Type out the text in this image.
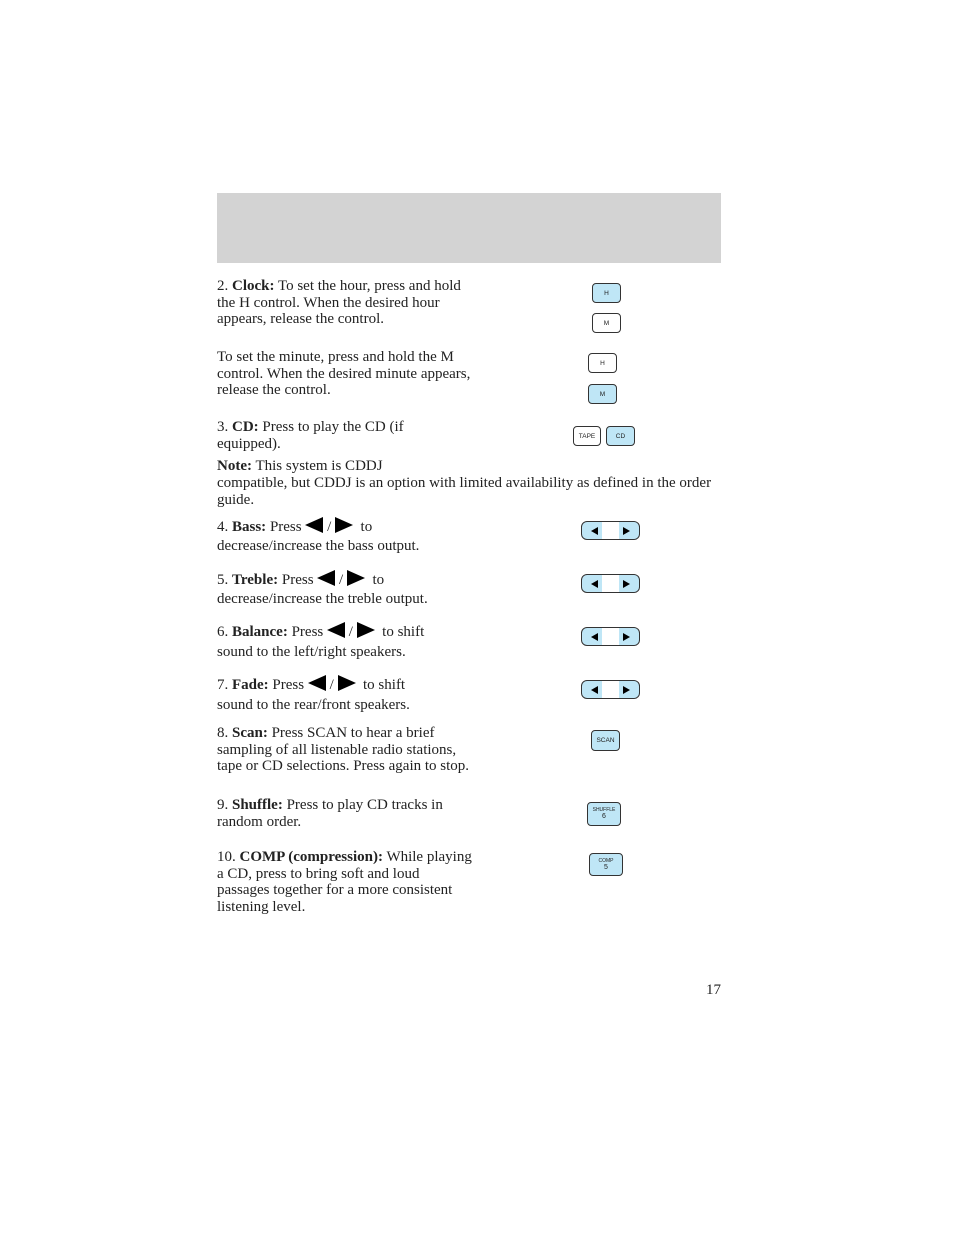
2. Clock: To set the hour, press and hold the H control. When the desired hour appears, release the control.

To set the minute, press and hold the M control. When the desired minute appears, release the control.

3. CD: Press to play the CD (if equipped).

Note: This system is CDDJ

compatible, but CDDJ is an option with limited availability as defined in the order guide.

4. Bass: Press / to
decrease/increase the bass output.

5. Treble: Press / to
decrease/increase the treble output.

6. Balance: Press / to shift
sound to the left/right speakers.

7. Fade: Press / to shift
sound to the rear/front speakers.

8. Scan: Press SCAN to hear a brief sampling of all listenable radio stations, tape or CD selections. Press again to stop.

9. Shuffle: Press to play CD tracks in random order.

10. COMP (compression): While playing a CD, press to bring soft and loud passages together for a more consistent listening level.

H
M
H
M
TAPE	CD
SCAN
SHUFFLE
6
COMP
5
17
